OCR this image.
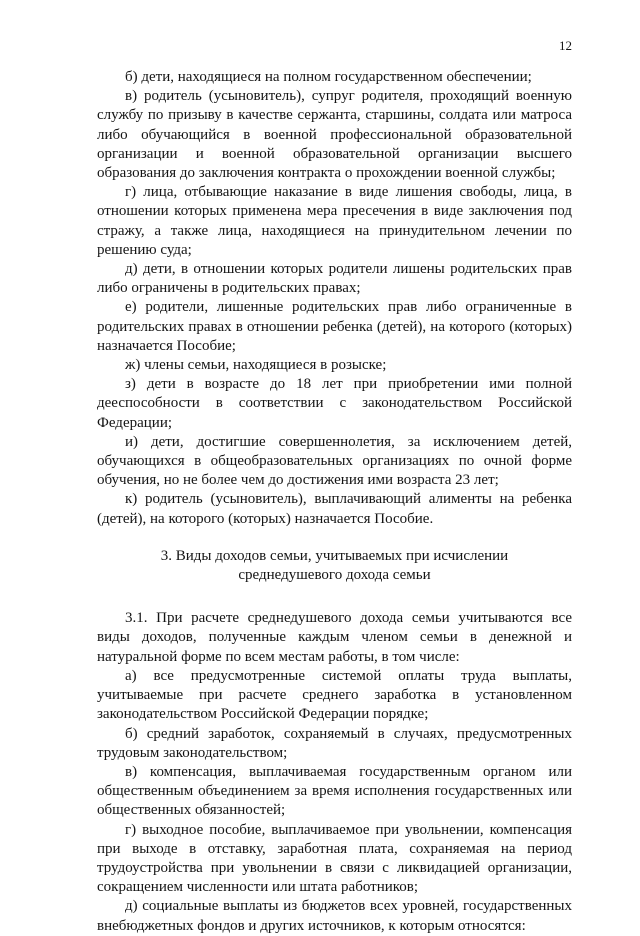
12

б) дети, находящиеся на полном государственном обеспечении;

в) родитель (усыновитель), супруг родителя, проходящий военную службу по призыву в качестве сержанта, старшины, солдата или матроса либо обучающийся в военной профессиональной образовательной организации и военной образовательной организации высшего образования до заключения контракта о прохождении военной службы;

г) лица, отбывающие наказание в виде лишения свободы, лица, в отношении которых применена мера пресечения в виде заключения под стражу, а также лица, находящиеся на принудительном лечении по решению суда;

д) дети, в отношении которых родители лишены родительских прав либо ограничены в родительских правах;

е) родители, лишенные родительских прав либо ограниченные в родительских правах в отношении ребенка (детей), на которого (которых) назначается Пособие;

ж) члены семьи, находящиеся в розыске;

з) дети в возрасте до 18 лет при приобретении ими полной дееспособности в соответствии с законодательством Российской Федерации;

и) дети, достигшие совершеннолетия, за исключением детей, обучающихся в общеобразовательных организациях по очной форме обучения, но не более чем до достижения ими возраста 23 лет;

к) родитель (усыновитель), выплачивающий алименты на ребенка (детей), на которого (которых) назначается Пособие.

3. Виды доходов семьи, учитываемых при исчислении
среднедушевого дохода семьи

3.1. При расчете среднедушевого дохода семьи учитываются все виды доходов, полученные каждым членом семьи в денежной и натуральной форме по всем местам работы, в том числе:

а) все предусмотренные системой оплаты труда выплаты, учитываемые при расчете среднего заработка в установленном законодательством Российской Федерации порядке;

б) средний заработок, сохраняемый в случаях, предусмотренных трудовым законодательством;

в) компенсация, выплачиваемая государственным органом или общественным объединением за время исполнения государственных или общественных обязанностей;

г) выходное пособие, выплачиваемое при увольнении, компенсация при выходе в отставку, заработная плата, сохраняемая на период трудоустройства при увольнении в связи с ликвидацией организации, сокращением численности или штата работников;

д) социальные выплаты из бюджетов всех уровней, государственных внебюджетных фондов и других источников, к которым относятся:
